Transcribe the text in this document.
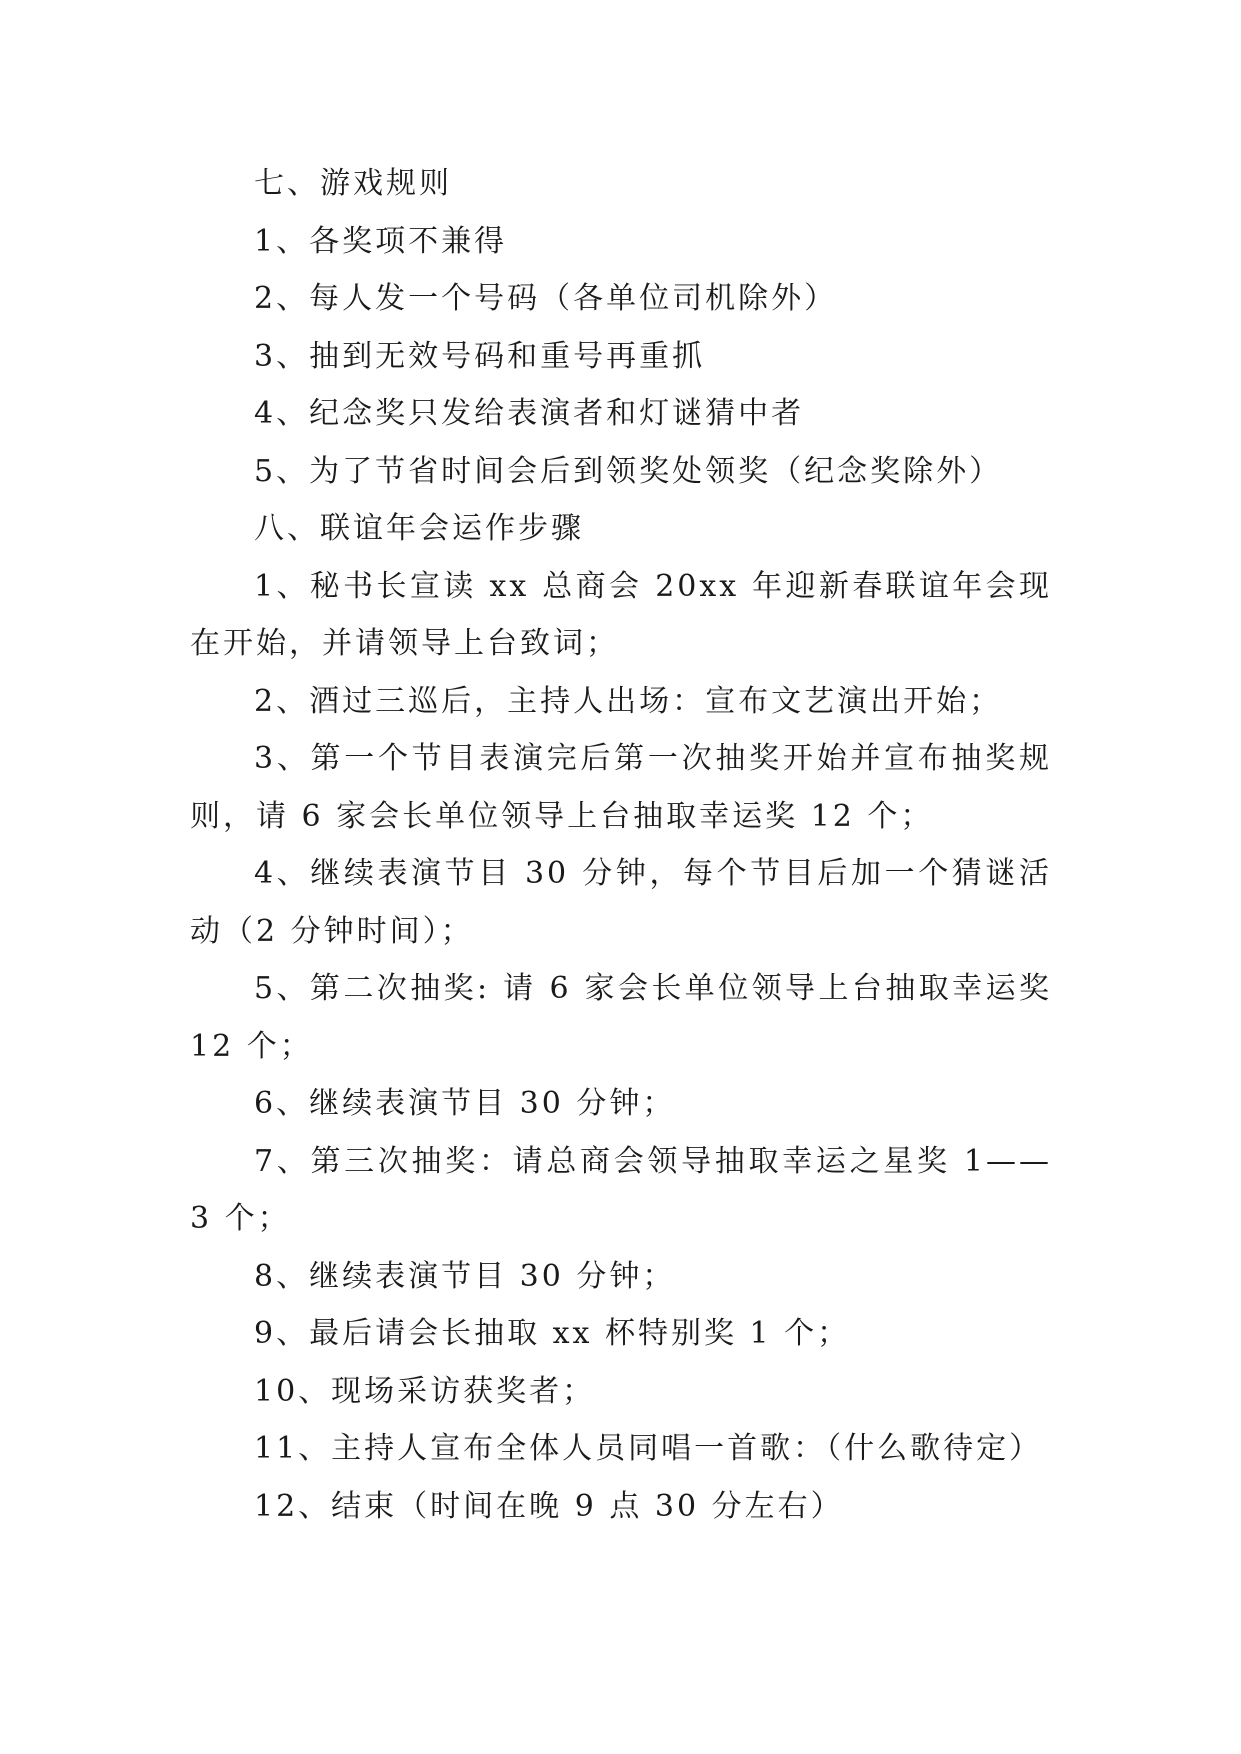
七、游戏规则

1、各奖项不兼得

2、每人发一个号码（各单位司机除外）

3、抽到无效号码和重号再重抓

4、纪念奖只发给表演者和灯谜猜中者

5、为了节省时间会后到领奖处领奖（纪念奖除外）

八、联谊年会运作步骤

1、秘书长宣读 xx 总商会 20xx 年迎新春联谊年会现在开始，并请领导上台致词；

2、酒过三巡后，主持人出场：宣布文艺演出开始；

3、第一个节目表演完后第一次抽奖开始并宣布抽奖规则，请 6 家会长单位领导上台抽取幸运奖 12 个；

4、继续表演节目 30 分钟，每个节目后加一个猜谜活动（2 分钟时间）；

5、第二次抽奖: 请 6 家会长单位领导上台抽取幸运奖 12 个；

6、继续表演节目 30 分钟；

7、第三次抽奖：请总商会领导抽取幸运之星奖 1——3 个；

8、继续表演节目 30 分钟；

9、最后请会长抽取 xx 杯特别奖 1 个；

10、现场采访获奖者；

11、主持人宣布全体人员同唱一首歌：（什么歌待定）

12、结束（时间在晚 9 点 30 分左右）
